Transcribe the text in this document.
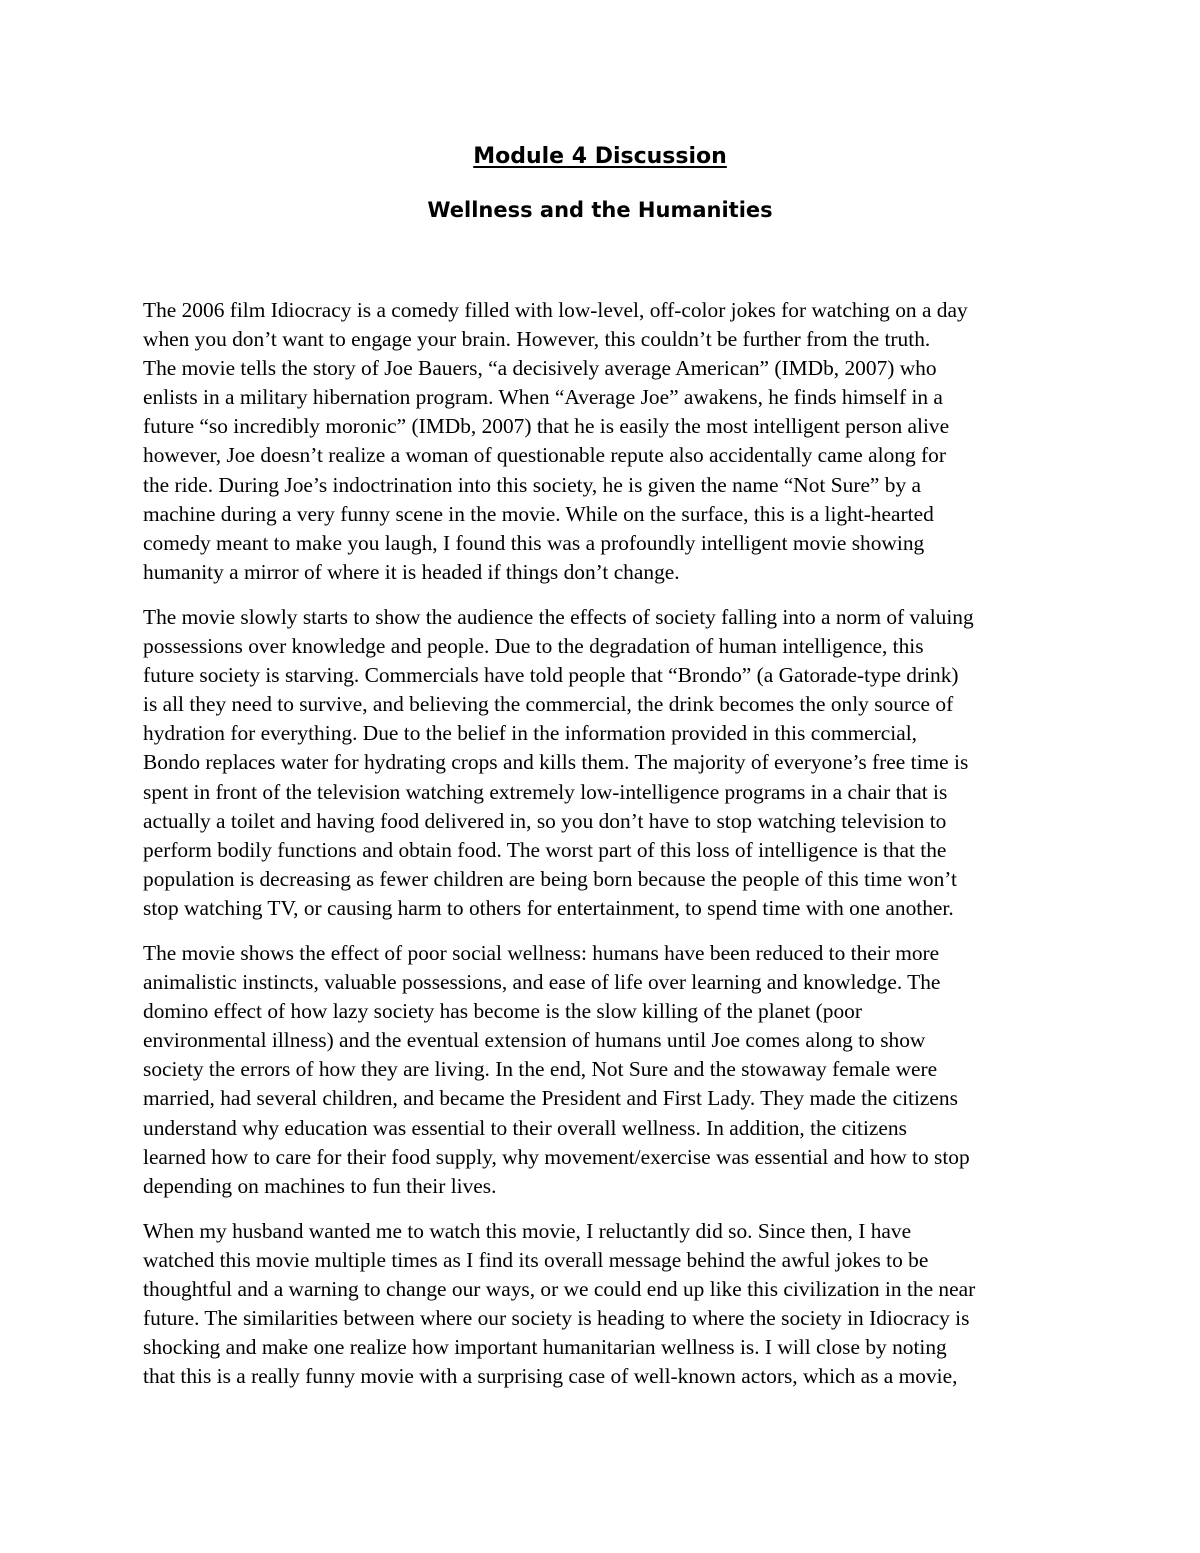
Module 4 Discussion
Wellness and the Humanities

The 2006 film Idiocracy is a comedy filled with low-level, off-color jokes for watching on a day
when you don’t want to engage your brain. However, this couldn’t be further from the truth.
The movie tells the story of Joe Bauers, “a decisively average American” (IMDb, 2007) who
enlists in a military hibernation program. When “Average Joe” awakens, he finds himself in a
future “so incredibly moronic” (IMDb, 2007) that he is easily the most intelligent person alive
however, Joe doesn’t realize a woman of questionable repute also accidentally came along for
the ride. During Joe’s indoctrination into this society, he is given the name “Not Sure” by a
machine during a very funny scene in the movie. While on the surface, this is a light-hearted
comedy meant to make you laugh, I found this was a profoundly intelligent movie showing
humanity a mirror of where it is headed if things don’t change.

The movie slowly starts to show the audience the effects of society falling into a norm of valuing
possessions over knowledge and people. Due to the degradation of human intelligence, this
future society is starving. Commercials have told people that “Brondo” (a Gatorade-type drink)
is all they need to survive, and believing the commercial, the drink becomes the only source of
hydration for everything. Due to the belief in the information provided in this commercial,
Bondo replaces water for hydrating crops and kills them. The majority of everyone’s free time is
spent in front of the television watching extremely low-intelligence programs in a chair that is
actually a toilet and having food delivered in, so you don’t have to stop watching television to
perform bodily functions and obtain food. The worst part of this loss of intelligence is that the
population is decreasing as fewer children are being born because the people of this time won’t
stop watching TV, or causing harm to others for entertainment, to spend time with one another.

The movie shows the effect of poor social wellness: humans have been reduced to their more
animalistic instincts, valuable possessions, and ease of life over learning and knowledge. The
domino effect of how lazy society has become is the slow killing of the planet (poor
environmental illness) and the eventual extension of humans until Joe comes along to show
society the errors of how they are living. In the end, Not Sure and the stowaway female were
married, had several children, and became the President and First Lady. They made the citizens
understand why education was essential to their overall wellness. In addition, the citizens
learned how to care for their food supply, why movement/exercise was essential and how to stop
depending on machines to fun their lives.

When my husband wanted me to watch this movie, I reluctantly did so. Since then, I have
watched this movie multiple times as I find its overall message behind the awful jokes to be
thoughtful and a warning to change our ways, or we could end up like this civilization in the near
future. The similarities between where our society is heading to where the society in Idiocracy is
shocking and make one realize how important humanitarian wellness is. I will close by noting
that this is a really funny movie with a surprising case of well-known actors, which as a movie,
